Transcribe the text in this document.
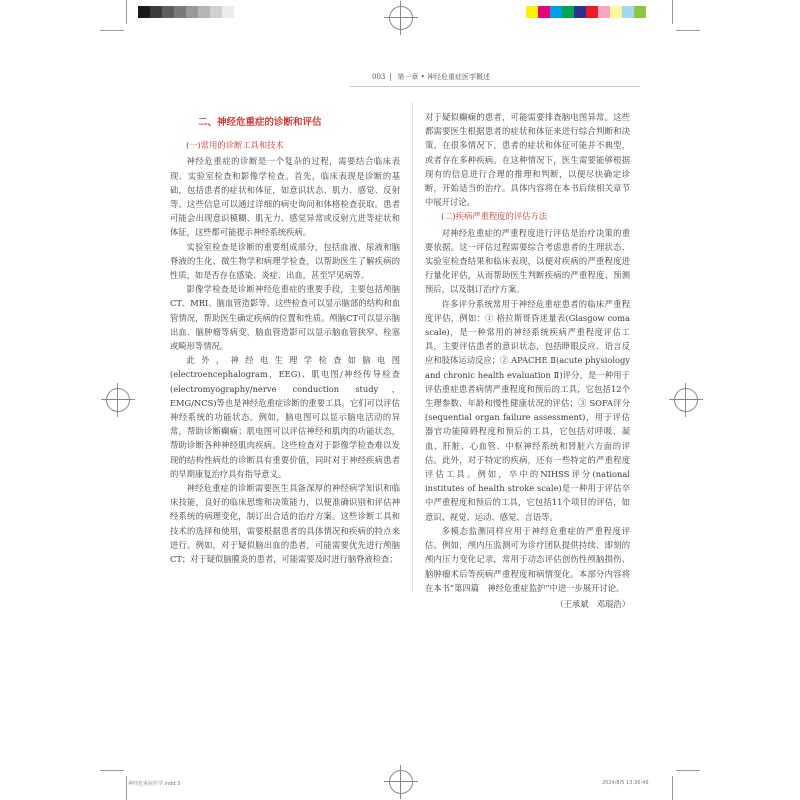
003	第一章 • 神经危重症医学概述
二、神经危重症的诊断和评估
(一)常用的诊断工具和技术

神经危重症的诊断是一个复杂的过程，需要结合临床表现、实验室检查和影像学检查。首先，临床表现是诊断的基础，包括患者的症状和体征，如意识状态、肌力、感觉、反射等。这些信息可以通过详细的病史询问和体格检查获取。患者可能会出现意识模糊、肌无力、感觉异常或反射亢进等症状和体征，这些都可能提示神经系统疾病。

实验室检查是诊断的重要组成部分，包括血液、尿液和脑脊液的生化、微生物学和病理学检查，以帮助医生了解疾病的性质，如是否存在感染、炎症、出血，甚至罕见病等。

影像学检查是诊断神经危重症的重要手段，主要包括颅脑CT、MRI、脑血管造影等。这些检查可以显示脑部的结构和血管情况，帮助医生确定疾病的位置和性质。颅脑CT可以显示脑出血、脑肿瘤等病变，脑血管造影可以显示脑血管狭窄、栓塞或畸形等情况。

此外，神经电生理学检查如脑电图(electroencephalogram，EEG)、肌电图/神经传导检查(electromyography/nerve conduction study，EMG/NCS)等也是神经危重症诊断的重要工具，它们可以评估神经系统的功能状态。例如，脑电图可以显示脑电活动的异常，帮助诊断癫痫；肌电图可以评估神经和肌肉的功能状态，帮助诊断各种神经肌肉疾病。这些检查对于影像学检查难以发现的结构性病灶的诊断具有重要价值，同时对于神经疾病患者的早期康复治疗具有指导意义。

神经危重症的诊断需要医生具备深厚的神经病学知识和临床技能，良好的临床思维和决策能力，以便准确识别和评估神经系统的病理变化，制订出合适的治疗方案。这些诊断工具和技术的选择和使用，需要根据患者的具体情况和疾病的特点来进行。例如，对于疑似脑出血的患者，可能需要优先进行颅脑CT；对于疑似脑膜炎的患者，可能需要及时进行脑脊液检查；

对于疑似癫痫的患者，可能需要排查脑电图异常。这些都需要医生根据患者的症状和体征来进行综合判断和决策。在很多情况下，患者的症状和体征可能并不典型，或者存在多种疾病。在这种情况下，医生需要能够根据现有的信息进行合理的推理和判断，以便尽快确定诊断，开始适当的治疗。具体内容将在本书后续相关章节中展开讨论。

(二)疾病严重程度的评估方法

对神经危重症的严重程度进行评估是治疗决策的重要依据。这一评估过程需要综合考虑患者的生理状态、实验室检查结果和临床表现，以便对疾病的严重程度进行量化评估，从而帮助医生判断疾病的严重程度、预测预后，以及制订治疗方案。

许多评分系统常用于神经危重症患者的临床严重程度评估，例如：① 格拉斯哥昏迷量表(Glasgow coma scale)，是一种常用的神经系统疾病严重程度评估工具，主要评估患者的意识状态，包括睁眼反应、语言反应和肢体运动反应；② APACHE Ⅱ(acute physiology and chronic health evaluation Ⅱ)评分，是一种用于评估重症患者病情严重程度和预后的工具，它包括12个生理参数、年龄和慢性健康状况的评估；③ SOFA评分(sequential organ failure assessment)，用于评估器官功能障碍程度和预后的工具，它包括对呼吸、凝血、肝脏、心血管、中枢神经系统和肾脏六方面的评估。此外，对于特定的疾病，还有一些特定的严重程度评估工具。例如，卒中的NIHSS评分(national institutes of health stroke scale)是一种用于评估卒中严重程度和预后的工具，它包括11个项目的评估，如意识、视觉、运动、感觉、言语等。

多模态监测同样应用于神经危重症的严重程度评估。例如，颅内压监测可为诊疗团队提供持续、即刻的颅内压力变化记录，常用于动态评估创伤性颅脑损伤、脑肿瘤术后等疾病严重程度和病情变化。本部分内容将在本书“第四篇　神经危重症监护”中进一步展开讨论。

（王承斌　邓琨浩）
神经危重症医学.indd 3	2024/8/5 13:36:49
